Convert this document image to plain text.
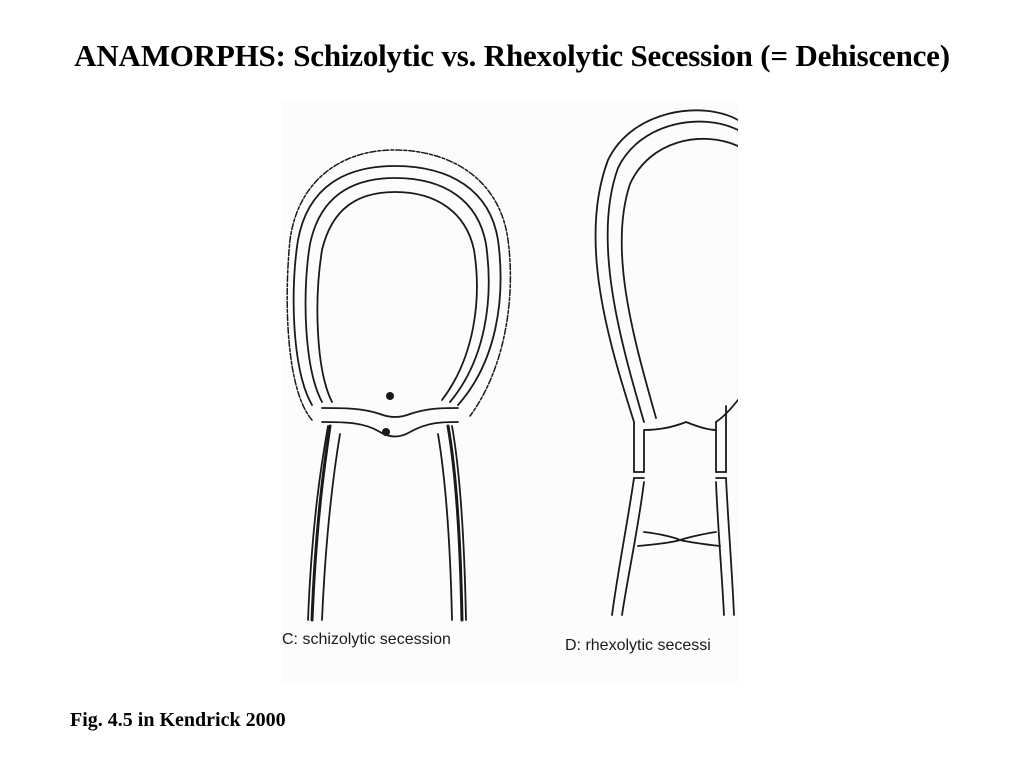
ANAMORPHS: Schizolytic vs. Rhexolytic Secession (= Dehiscence)
C: schizolytic secession	D: rhexolytic secessi
Fig. 4.5 in Kendrick 2000
